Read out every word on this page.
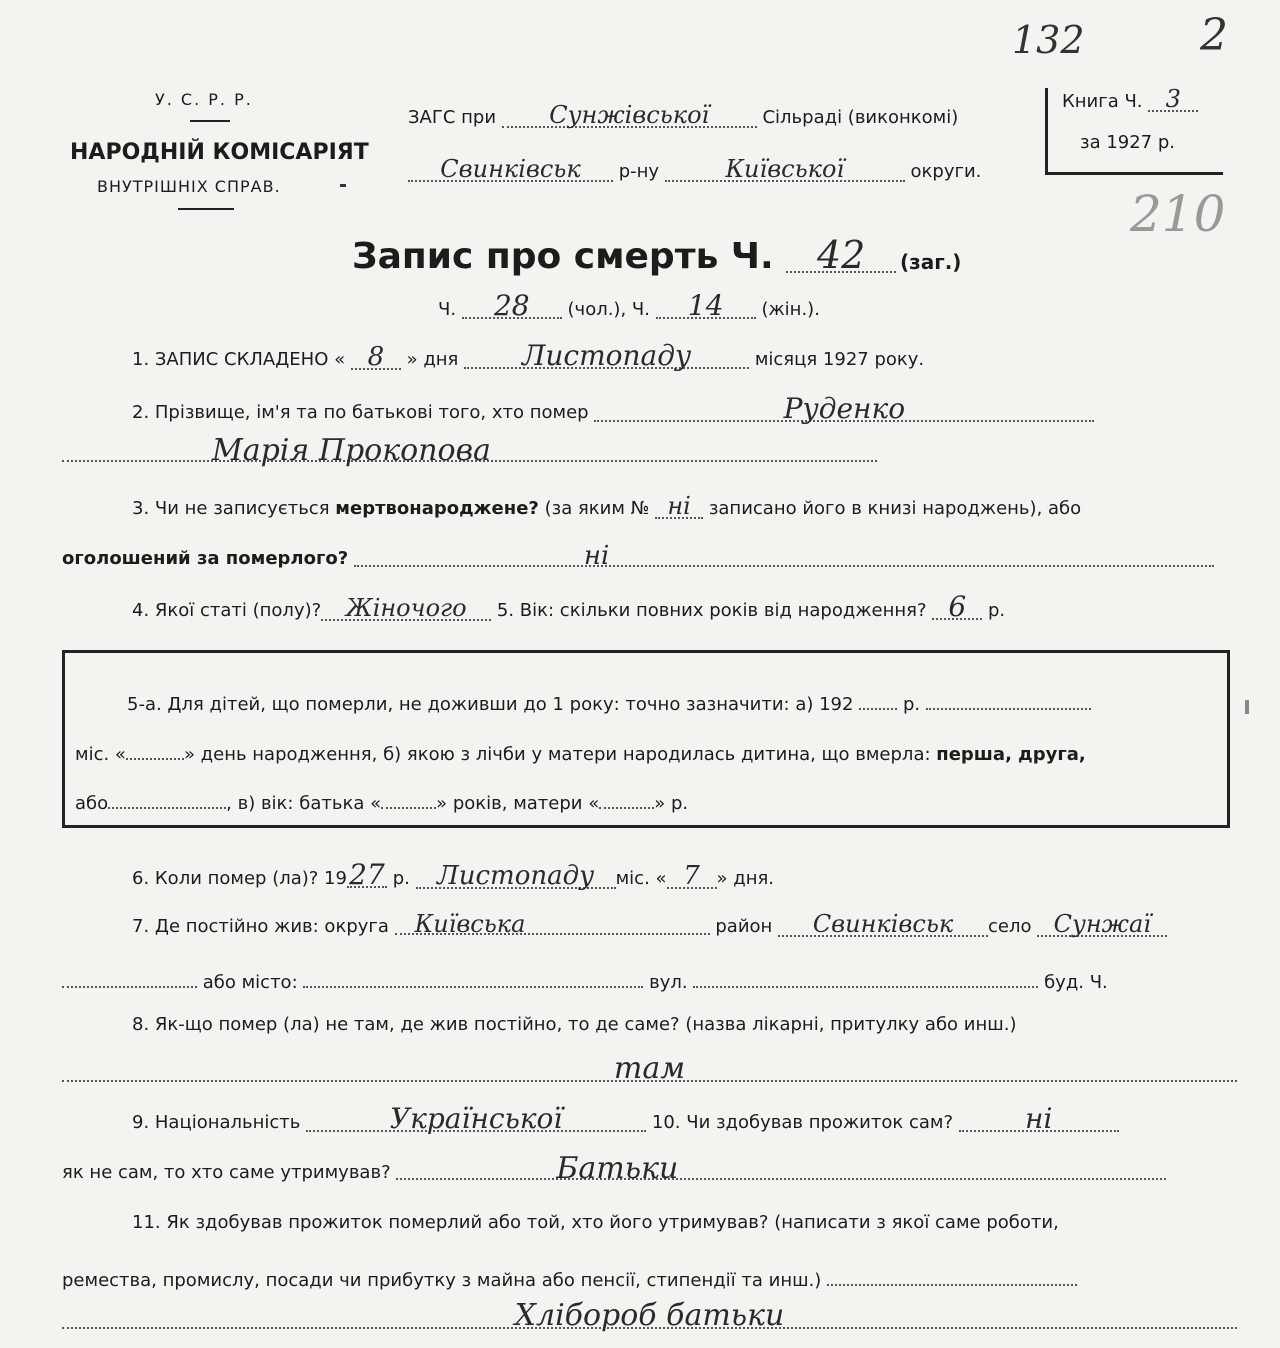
132	2
210
У. С. Р. Р.
НАРОДНІЙ КОМІСАРІЯТ
ВНУТРІШНІХ СПРАВ.
ЗАГС при Сунжівської	Сільраді (виконкомі)
Свинківськ р-ну	Київської	округи.
Книга Ч. 3
за 1927 р.
Запис про смерть Ч. 42	(заг.)
Ч. 28 (чол.), Ч. 14 (жін.).
1. ЗАПИС СКЛАДЕНО « 8 » дня Листопаду	місяця 1927 року.
2. Прізвище, ім'я та по батькові того, хто помер	Руденко
Марія Прокопова
3. Чи не записується мертвонароджене? (за яким № ні записано його в книзі народжень), або
оголошений за померлого?	ні
4. Якої статі (полу)? Жіночого 5. Вік: скільки повних років від народження? 6 р.
5-а. Для дітей, що померли, не доживши до 1 року: точно зазначити: а) 192	р.
міс. «	» день народження, б) якою з лічби у матери народилась дитина, що вмерла: перша, друга,
або	, в) вік: батька «	» років, матери «	» р.
6. Коли помер (ла)? 1927 р. Листопаду міс. « 7 » дня.
7. Де постійно жив: округа Київська	район Свинківськ село Сунжаї
або місто:	вул.	буд. Ч.
8. Як-що помер (ла) не там, де жив постійно, то де саме? (назва лікарні, притулку або инш.)
там
9. Національність	Української	10. Чи здобував прожиток сам?	ні
як не сам, то хто саме утримував?	Батьки
11. Як здобував прожиток померлий або той, хто його утримував? (написати з якої саме роботи,
ремества, промислу, посади чи прибутку з майна або пенсії, стипендії та инш.)
Хлібороб батьки
